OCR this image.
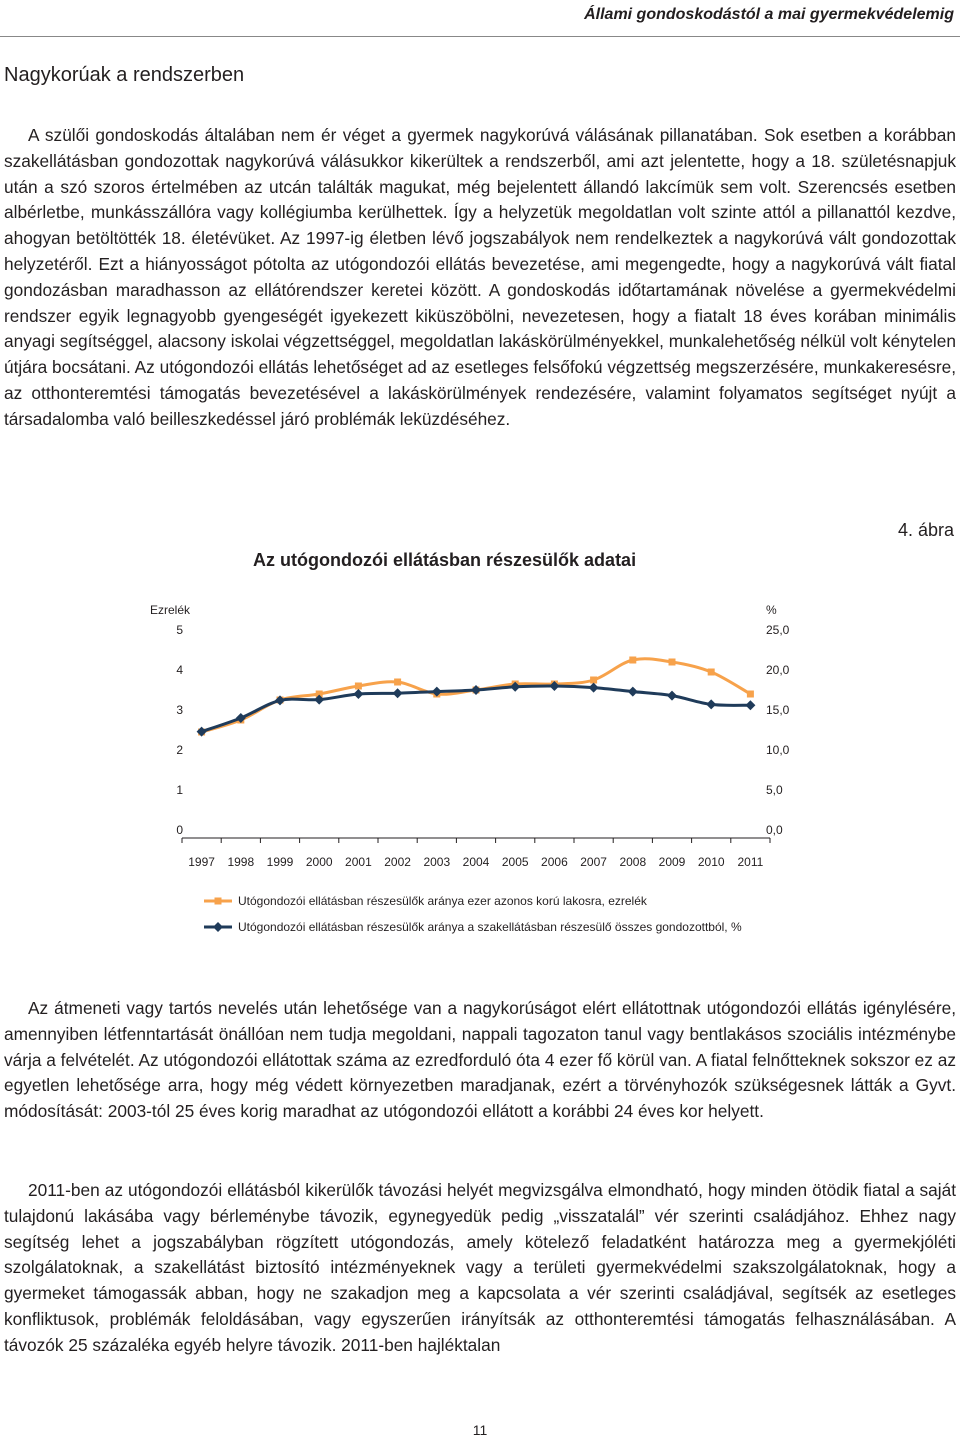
Állami gondoskodástól a mai gyermekvédelemig
Nagykorúak a rendszerben

A szülői gondoskodás általában nem ér véget a gyermek nagykorúvá válásának pillanatában. Sok esetben a korábban szakellátásban gondozottak nagykorúvá válásukkor kikerültek a rendszerből, ami azt jelentette, hogy a 18. születésnapjuk után a szó szoros értelmében az utcán találták magukat, még bejelentett állandó lakcímük sem volt. Szerencsés esetben albérletbe, munkásszállóra vagy kollégiumba kerülhettek. Így a helyzetük megoldatlan volt szinte attól a pillanattól kezdve, ahogyan betöltötték 18. életévüket. Az 1997-ig életben lévő jogszabályok nem rendelkeztek a nagykorúvá vált gondozottak helyzetéről. Ezt a hiányosságot pótolta az utógondozói ellátás bevezetése, ami megengedte, hogy a nagykorúvá vált fiatal gondozásban maradhasson az ellátórendszer keretei között. A gondoskodás időtartamának növelése a gyermekvédelmi rendszer egyik legnagyobb gyengeségét igyekezett kiküszöbölni, nevezetesen, hogy a fiatalt 18 éves korában minimális anyagi segítséggel, alacsony iskolai végzettséggel, megoldatlan lakáskörülményekkel, munkalehetőség nélkül volt kénytelen útjára bocsátani. Az utógondozói ellátás lehetőséget ad az esetleges felsőfokú végzettség megszerzésére, munkakeresésre, az otthonteremtési támogatás bevezetésével a lakáskörülmények rendezésére, valamint folyamatos segítséget nyújt a társadalomba való beilleszkedéssel járó problémák leküzdéséhez.

4. ábra
Az utógondozói ellátásban részesülők adatai
1997 1998 1999 2000 2001 2002 2003 2004 2005 2006 2007 2008 2009 2010 2011
Ezrelék	%
0
1
2
3
4
5
0,0
5,0
10,0
15,0
20,0
25,0
Utógondozói ellátásban részesülők aránya ezer azonos korú lakosra, ezrelék
Utógondozói ellátásban részesülők aránya a szakellátásban részesülő összes gondozottból, %

Az átmeneti vagy tartós nevelés után lehetősége van a nagykorúságot elért ellátottnak utógondozói ellátás igénylésére, amennyiben létfenntartását önállóan nem tudja megoldani, nappali tagozaton tanul vagy bentlakásos szociális intézménybe várja a felvételét. Az utógondozói ellátottak száma az ezredforduló óta 4 ezer fő körül van. A fiatal felnőtteknek sokszor ez az egyetlen lehetősége arra, hogy még védett környezetben maradjanak, ezért a törvényhozók szükségesnek látták a Gyvt. módosítását: 2003-tól 25 éves korig maradhat az utógondozói ellátott a korábbi 24 éves kor helyett.

2011-ben az utógondozói ellátásból kikerülők távozási helyét megvizsgálva elmondható, hogy minden ötödik fiatal a saját tulajdonú lakásába vagy bérleménybe távozik, egynegyedük pedig „visszatalál” vér szerinti családjához. Ehhez nagy segítség lehet a jogszabályban rögzített utógondozás, amely kötelező feladatként határozza meg a gyermekjóléti szolgálatoknak, a szakellátást biztosító intézményeknek vagy a területi gyermekvédelmi szakszolgálatoknak, hogy a gyermeket támogassák abban, hogy ne szakadjon meg a kapcsolata a vér szerinti családjával, segítsék az esetleges konfliktusok, problémák feloldásában, vagy egyszerűen irányítsák az otthonteremtési támogatás felhasználásában. A távozók 25 százaléka egyéb helyre távozik. 2011-ben hajléktalan

11
